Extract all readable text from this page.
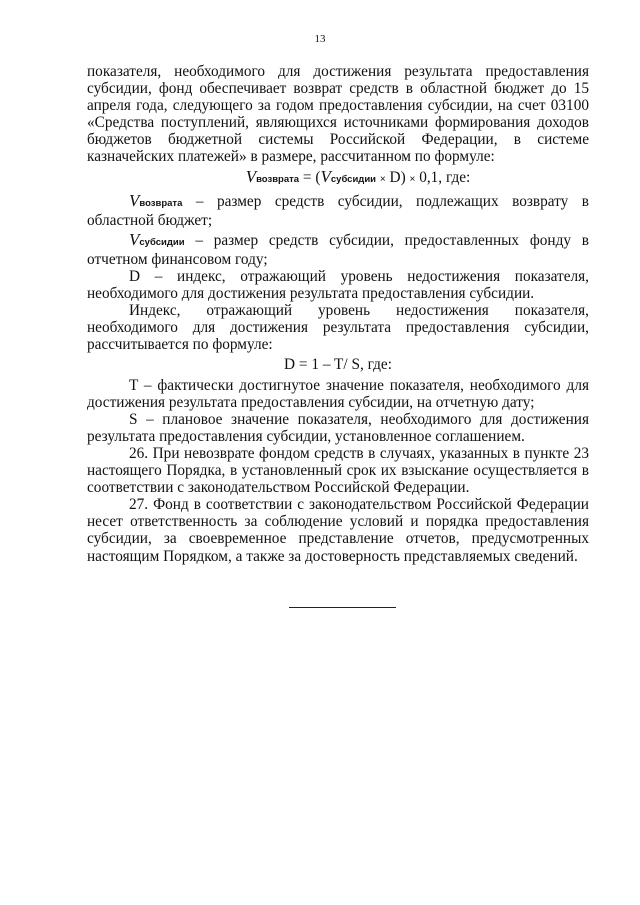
13

показателя, необходимого для достижения результата предоставления субсидии, фонд обеспечивает возврат средств в областной бюджет до 15 апреля года, следующего за годом предоставления субсидии, на счет 03100 «Средства поступлений, являющихся источниками формирования доходов бюджетов бюджетной системы Российской Федерации, в системе казначейских платежей» в размере, рассчитанном по формуле:

Vвозврата = (Vсубсидии × D) × 0,1, где:

Vвозврата – размер средств субсидии, подлежащих возврату в областной бюджет;

Vсубсидии – размер средств субсидии, предоставленных фонду в отчетном финансовом году;

D – индекс, отражающий уровень недостижения показателя, необходимого для достижения результата предоставления субсидии.

Индекс, отражающий уровень недостижения показателя, необходимого для достижения результата предоставления субсидии, рассчитывается по формуле:

D = 1 – T/ S, где:

T – фактически достигнутое значение показателя, необходимого для достижения результата предоставления субсидии, на отчетную дату;

S – плановое значение показателя, необходимого для достижения результата предоставления субсидии, установленное соглашением.

26. При невозврате фондом средств в случаях, указанных в пункте 23 настоящего Порядка, в установленный срок их взыскание осуществляется в соответствии с законодательством Российской Федерации.

27. Фонд в соответствии с законодательством Российской Федерации несет ответственность за соблюдение условий и порядка предоставления субсидии, за своевременное представление отчетов, предусмотренных настоящим Порядком, а также за достоверность представляемых сведений.
